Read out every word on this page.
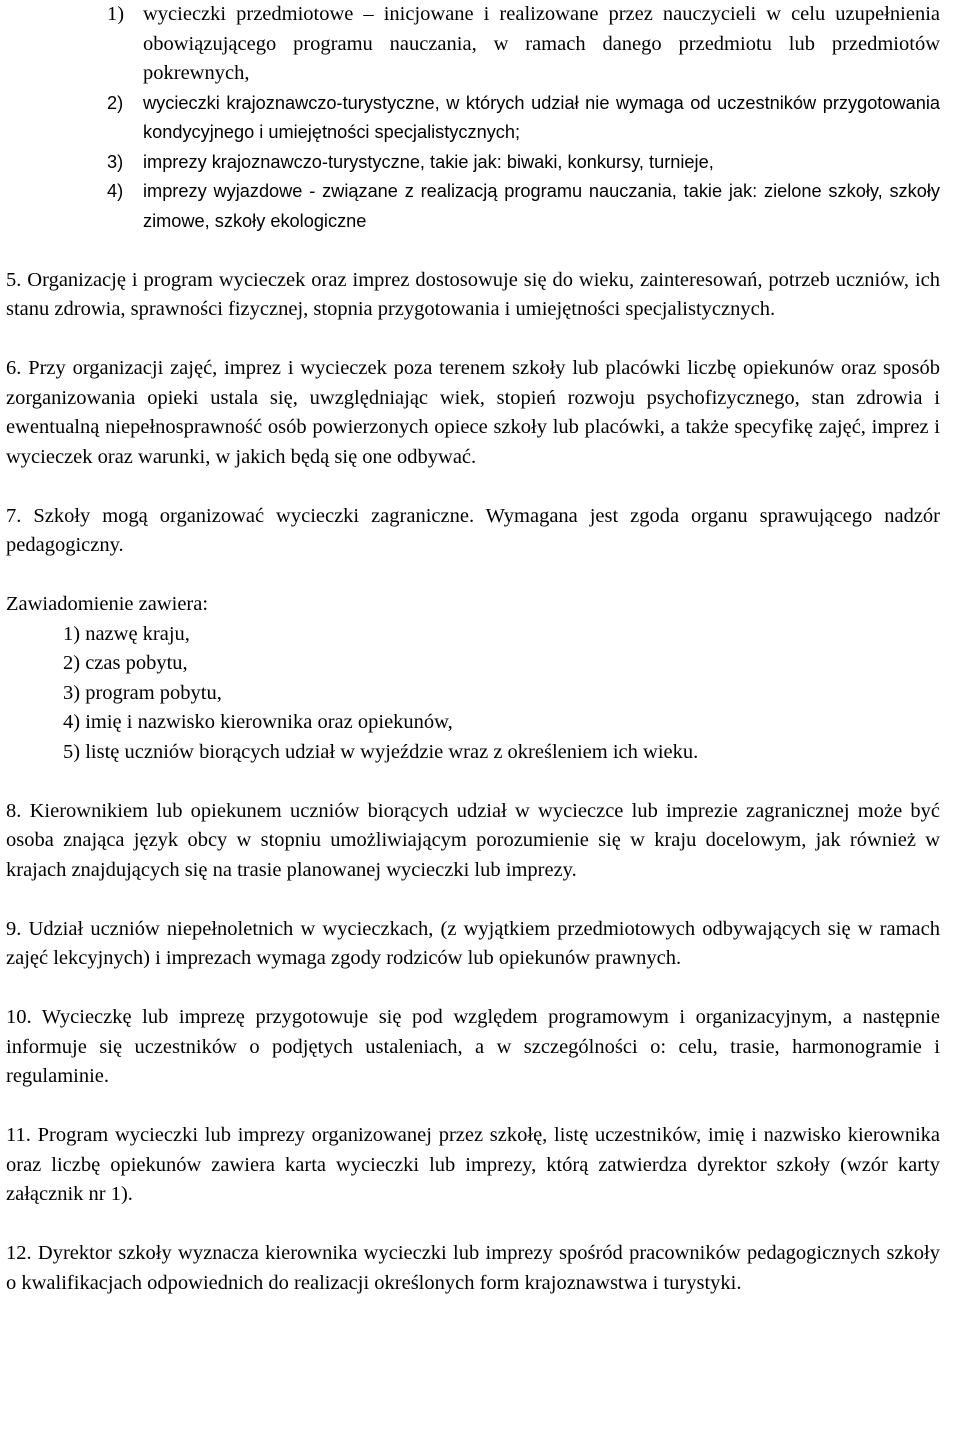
1) wycieczki przedmiotowe – inicjowane i realizowane przez nauczycieli w celu uzupełnienia obowiązującego programu nauczania, w ramach danego przedmiotu lub przedmiotów pokrewnych,
2) wycieczki krajoznawczo-turystyczne, w których udział nie wymaga od uczestników przygotowania kondycyjnego i umiejętności specjalistycznych;
3) imprezy krajoznawczo-turystyczne, takie jak: biwaki, konkursy, turnieje,
4) imprezy wyjazdowe - związane z realizacją programu nauczania, takie jak: zielone szkoły, szkoły zimowe, szkoły ekologiczne

5. Organizację i program wycieczek oraz imprez dostosowuje się do wieku, zainteresowań, potrzeb uczniów, ich stanu zdrowia, sprawności fizycznej, stopnia przygotowania i umiejętności specjalistycznych.

6. Przy organizacji zajęć, imprez i wycieczek poza terenem szkoły lub placówki liczbę opiekunów oraz sposób zorganizowania opieki ustala się, uwzględniając wiek, stopień rozwoju psychofizycznego, stan zdrowia i ewentualną niepełnosprawność osób powierzonych opiece szkoły lub placówki, a także specyfikę zajęć, imprez i wycieczek oraz warunki, w jakich będą się one odbywać.

7. Szkoły mogą organizować wycieczki zagraniczne. Wymagana jest zgoda organu sprawującego nadzór pedagogiczny.

Zawiadomienie zawiera:

1) nazwę kraju,
2) czas pobytu,
3) program pobytu,
4) imię i nazwisko kierownika oraz opiekunów,
5) listę uczniów biorących udział w wyjeździe wraz z określeniem ich wieku.

8. Kierownikiem lub opiekunem uczniów biorących udział w wycieczce lub imprezie zagranicznej może być osoba znająca język obcy w stopniu umożliwiającym porozumienie się w kraju docelowym, jak również w krajach znajdujących się na trasie planowanej wycieczki lub imprezy.

9. Udział uczniów niepełnoletnich w wycieczkach, (z wyjątkiem przedmiotowych odbywających się w ramach zajęć lekcyjnych) i imprezach wymaga zgody rodziców lub opiekunów prawnych.

10. Wycieczkę lub imprezę przygotowuje się pod względem programowym i organizacyjnym, a następnie informuje się uczestników o podjętych ustaleniach, a w szczególności o: celu, trasie, harmonogramie i regulaminie.

11. Program wycieczki lub imprezy organizowanej przez szkołę, listę uczestników, imię i nazwisko kierownika oraz liczbę opiekunów zawiera karta wycieczki lub imprezy, którą zatwierdza dyrektor szkoły (wzór karty załącznik nr 1).

12. Dyrektor szkoły wyznacza kierownika wycieczki lub imprezy spośród pracowników pedagogicznych szkoły o kwalifikacjach odpowiednich do realizacji określonych form krajoznawstwa i turystyki.
